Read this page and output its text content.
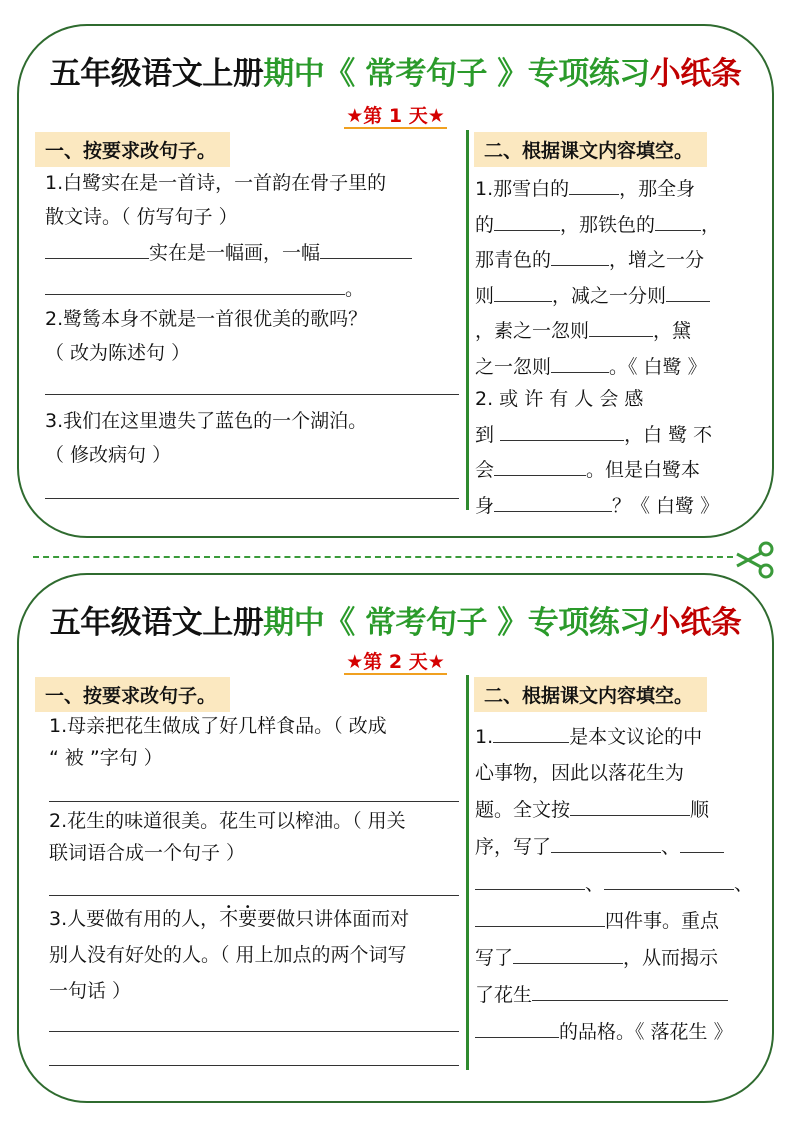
五年级语文上册期中《 常考句子 》专项练习小纸条
★第 1 天★
一、按要求改句子。	二、根据课文内容填空。

1.白鹭实在是一首诗，一首韵在骨子里的

散文诗。（ 仿写句子 ）

实在是一幅画，一幅

。

2.鹭鸶本身不就是一首很优美的歌吗？

（ 改为陈述句 ）

3.我们在这里遗失了蓝色的一个湖泊。

（ 修改病句 ）

1.那雪白的	，那全身

的	，那铁色的 ，

那青色的	，增之一分

则	，减之一分则

，素之一忽则	，黛

之一忽则	。《 白鹭 》

2. 或 许 有 人 会 感

到	，白 鹭 不

会	。但是白鹭本

身	？《 白鹭 》

五年级语文上册期中《 常考句子 》专项练习小纸条
★第 2 天★
一、按要求改句子。	二、根据课文内容填空。

1.母亲把花生做成了好几样食品。（ 改成

“ 被 ”字句 ）

2.花生的味道很美。花生可以榨油。（ 用关

联词语合成一个句子 ）

3.人要做有用的人，不要要做只讲体面而对

别人没有好处的人。（ 用上加点的两个词写

一句话 ）

1.	是本文议论的中

心事物，因此以落花生为

题。全文按	顺

序，写了	、

、	、

四件事。重点

写了	，从而揭示

了花生

的品格。《 落花生 》
